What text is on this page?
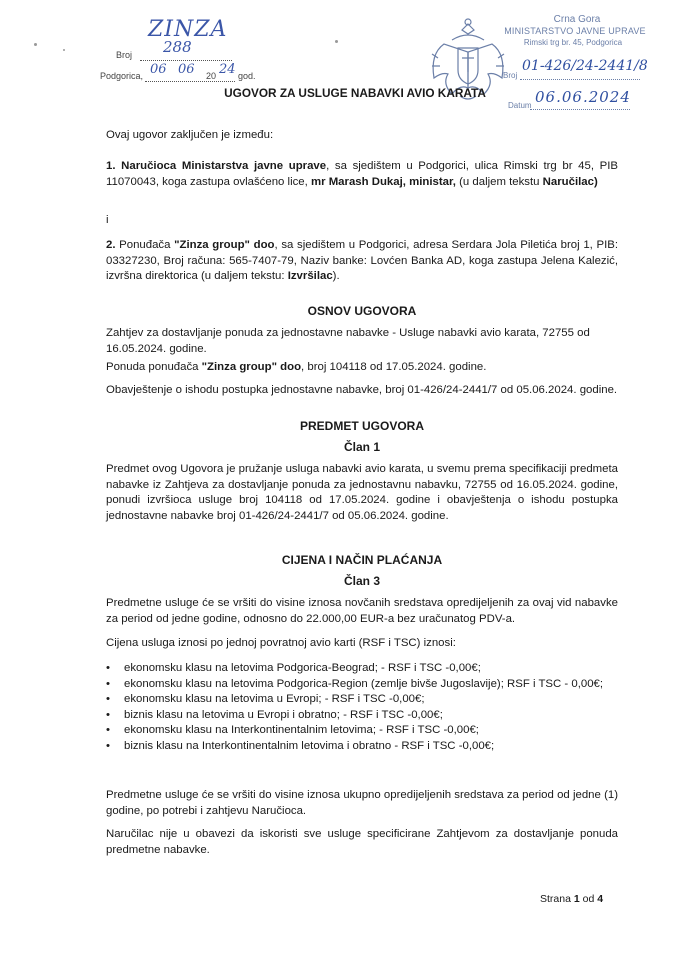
ZINZA
Broj 288
Podgorica, 06 06 20 24 god.
Crna Gora
MINISTARSTVO JAVNE UPRAVE
Rimski trg br. 45, Podgorica
Broj
01-426/24-2441/8
Datum 06.06.2024
UGOVOR ZA USLUGE NABAVKI AVIO KARATA
Ovaj ugovor zaključen je između:
1. Naručioca Ministarstva javne uprave, sa sjedištem u Podgorici, ulica Rimski trg br 45, PIB 11070043, koga zastupa ovlašćeno lice, mr Marash Dukaj, ministar, (u daljem tekstu Naručilac)
i
2. Ponuđača "Zinza group" doo, sa sjedištem u Podgorici, adresa Serdara Jola Piletića broj 1, PIB: 03327230, Broj računa: 565-7407-79, Naziv banke: Lovćen Banka AD, koga zastupa Jelena Kalezić, izvršna direktorica (u daljem tekstu: Izvršilac).
OSNOV UGOVORA
Zahtjev za dostavljanje ponuda za jednostavne nabavke - Usluge nabavki avio karata, 72755 od 16.05.2024. godine.
Ponuda ponuđača "Zinza group" doo, broj 104118 od 17.05.2024. godine.
Obavještenje o ishodu postupka jednostavne nabavke, broj 01-426/24-2441/7 od 05.06.2024. godine.
PREDMET UGOVORA
Član 1
Predmet ovog Ugovora je pružanje usluga nabavki avio karata, u svemu prema specifikaciji predmeta nabavke iz Zahtjeva za dostavljanje ponuda za jednostavnu nabavku, 72755 od 16.05.2024. godine, ponudi izvršioca usluge broj 104118 od 17.05.2024. godine i obavještenja o ishodu postupka jednostavne nabavke broj 01-426/24-2441/7 od 05.06.2024. godine.
CIJENA I NAČIN PLAĆANJA
Član 3
Predmetne usluge će se vršiti do visine iznosa novčanih sredstava opredijeljenih za ovaj vid nabavke za period od jedne godine, odnosno do 22.000,00 EUR-a bez uračunatog PDV-a.
Cijena usluga iznosi po jednoj povratnoj avio karti (RSF i TSC) iznosi:
• ekonomsku klasu na letovima Podgorica-Beograd; - RSF i TSC -0,00€;
• ekonomsku klasu na letovima Podgorica-Region (zemlje bivše Jugoslavije); RSF i TSC - 0,00€;
• ekonomsku klasu na letovima u Evropi; - RSF i TSC -0,00€;
• biznis klasu na letovima u Evropi i obratno; - RSF i TSC -0,00€;
• ekonomsku klasu na Interkontinentalnim letovima; - RSF i TSC -0,00€;
• biznis klasu na Interkontinentalnim letovima i obratno - RSF i TSC -0,00€;
Predmetne usluge će se vršiti do visine iznosa ukupno opredijeljenih sredstava za period od jedne (1) godine, po potrebi i zahtjevu Naručioca.
Naručilac nije u obavezi da iskoristi sve usluge specificirane Zahtjevom za dostavljanje ponuda predmetne nabavke.
Strana 1 od 4
